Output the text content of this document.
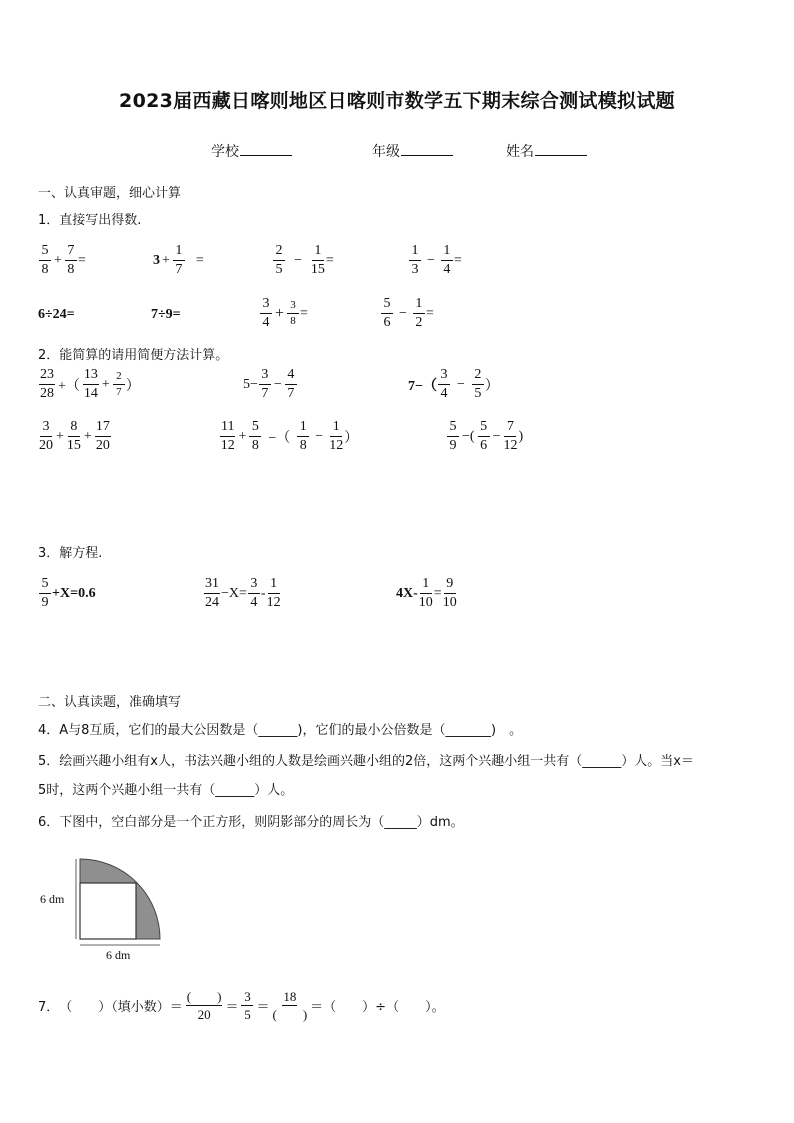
2023届西藏日喀则地区日喀则市数学五下期末综合测试模拟试题
学校	年级	姓名
一、认真审题，细心计算
1．直接写出得数.
$\frac{5}{8} + \frac{7}{8}$ =	$3 + \frac{1}{7}$ =	$\frac{2}{5} - \frac{1}{15}$ =	$\frac{1}{3} - \frac{1}{4}$ =
6÷24=	7÷9=	$\frac{3}{4} + \frac{3}{8}$ =	$\frac{5}{6} - \frac{1}{2}$ =
2．能简算的请用简便方法计算。
$\frac{23}{28}$ +（ $\frac{13}{14} + \frac{2}{7}$ ）	$5- \frac{3}{7} - \frac{4}{7}$	$7-( \frac{3}{4} - \frac{2}{5}$ ）
$\frac{3}{20} + \frac{8}{15} + \frac{17}{20}$	$\frac{11}{12} + \frac{5}{8}$ −（ $\frac{1}{8} - \frac{1}{12}$ ）	$\frac{5}{9}$ −( $\frac{5}{6} - \frac{7}{12}$ )
3．解方程.
$\frac{5}{9} +X=0.6$	$\frac{31}{24} -X= \frac{3}{4} - \frac{1}{12}$	$4X- \frac{1}{10} = \frac{9}{10}$
二、认真读题，准确填写
4．A与8互质，它们的最大公因数是（______)，它们的最小公倍数是（_______)　。
5．绘画兴趣小组有x人，书法兴趣小组的人数是绘画兴趣小组的2倍，这两个兴趣小组一共有（______）人。当x＝
5时，这两个兴趣小组一共有（______）人。
6．下图中，空白部分是一个正方形，则阴影部分的周长为（_____）dm。
6 dm
6 dm
7． （　　）（填小数）＝ $\frac{( )}{20} = \frac{3}{5} = \frac{18}{( )}$ ＝（　　）÷（　　）。
